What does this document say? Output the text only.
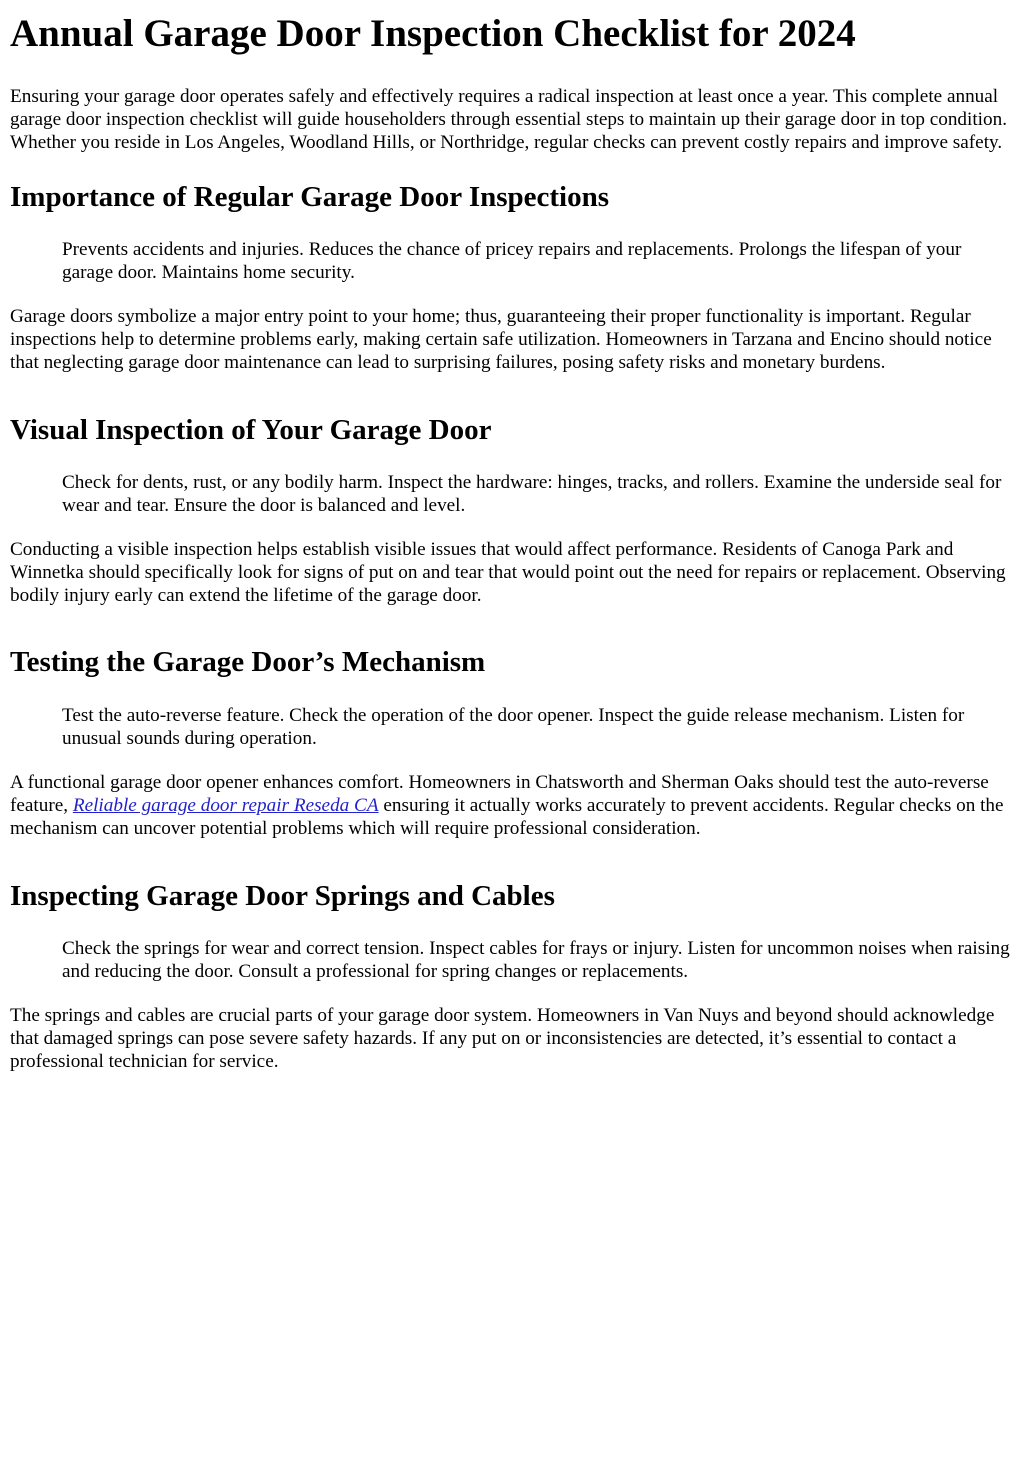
Annual Garage Door Inspection Checklist for 2024

Ensuring your garage door operates safely and effectively requires a radical inspection at least once a year. This complete annual garage door inspection checklist will guide householders through essential steps to maintain up their garage door in top condition. Whether you reside in Los Angeles, Woodland Hills, or Northridge, regular checks can prevent costly repairs and improve safety.

Importance of Regular Garage Door Inspections
Prevents accidents and injuries. Reduces the chance of pricey repairs and replacements. Prolongs the lifespan of your garage door. Maintains home security.

Garage doors symbolize a major entry point to your home; thus, guaranteeing their proper functionality is important. Regular inspections help to determine problems early, making certain safe utilization. Homeowners in Tarzana and Encino should notice that neglecting garage door maintenance can lead to surprising failures, posing safety risks and monetary burdens.

Visual Inspection of Your Garage Door
Check for dents, rust, or any bodily harm. Inspect the hardware: hinges, tracks, and rollers. Examine the underside seal for wear and tear. Ensure the door is balanced and level.

Conducting a visible inspection helps establish visible issues that would affect performance. Residents of Canoga Park and Winnetka should specifically look for signs of put on and tear that would point out the need for repairs or replacement. Observing bodily injury early can extend the lifetime of the garage door.

Testing the Garage Door’s Mechanism
Test the auto-reverse feature. Check the operation of the door opener. Inspect the guide release mechanism. Listen for unusual sounds during operation.

A functional garage door opener enhances comfort. Homeowners in Chatsworth and Sherman Oaks should test the auto-reverse feature, Reliable garage door repair Reseda CA ensuring it actually works accurately to prevent accidents. Regular checks on the mechanism can uncover potential problems which will require professional consideration.

Inspecting Garage Door Springs and Cables
Check the springs for wear and correct tension. Inspect cables for frays or injury. Listen for uncommon noises when raising and reducing the door. Consult a professional for spring changes or replacements.

The springs and cables are crucial parts of your garage door system. Homeowners in Van Nuys and beyond should acknowledge that damaged springs can pose severe safety hazards. If any put on or inconsistencies are detected, it’s essential to contact a professional technician for service.
